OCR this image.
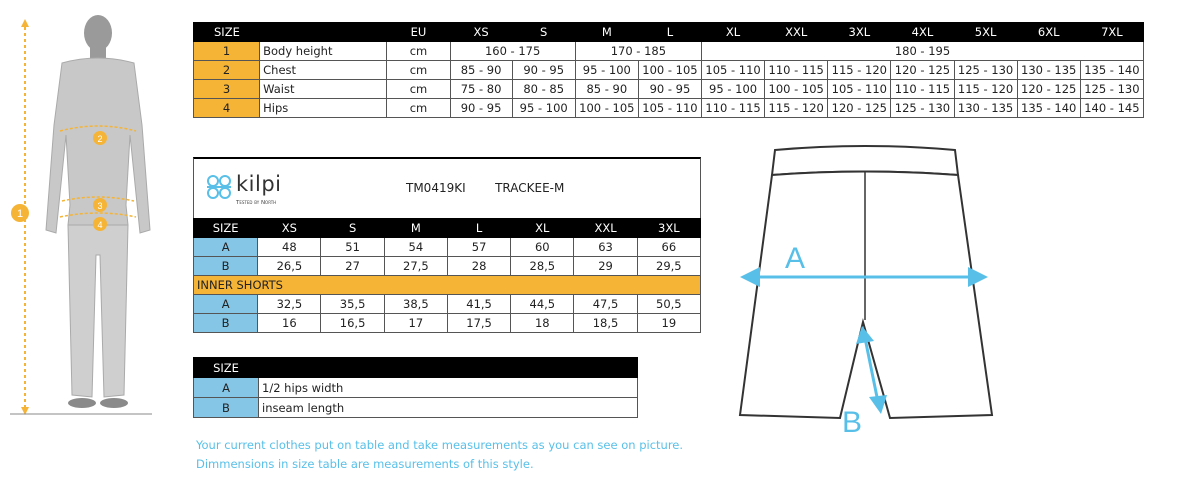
1
2
3
4
SIZE		EU	XS	S	M	L	XL	XXL	3XL	4XL	5XL	6XL	7XL
1	Body height	cm	160 - 175		170 - 185		180 - 195						
2	Chest	cm	85 - 90	90 - 95	95 - 100	100 - 105	105 - 110	110 - 115	115 - 120	120 - 125	125 - 130	130 - 135	135 - 140
3	Waist	cm	75 - 80	80 - 85	85 - 90	90 - 95	95 - 100	100 - 105	105 - 110	110 - 115	115 - 120	120 - 125	125 - 130
4	Hips	cm	90 - 95	95 - 100	100 - 105	105 - 110	110 - 115	115 - 120	120 - 125	125 - 130	130 - 135	135 - 140	140 - 145
kilpi
Tested by North
TM0419KI   TRACKEE-M
SIZE	XS	S	M	L	XL	XXL	3XL
A	48	51	54	57	60	63	66
B	26,5	27	27,5	28	28,5	29	29,5
INNER SHORTS							
A	32,5	35,5	38,5	41,5	44,5	47,5	50,5
B	16	16,5	17	17,5	18	18,5	19
SIZE	
A	1/2 hips width
B	inseam length
A
B
Your current clothes put on table and take measurements as you can see on picture.
Dimmensions in size table are measurements of this style.
